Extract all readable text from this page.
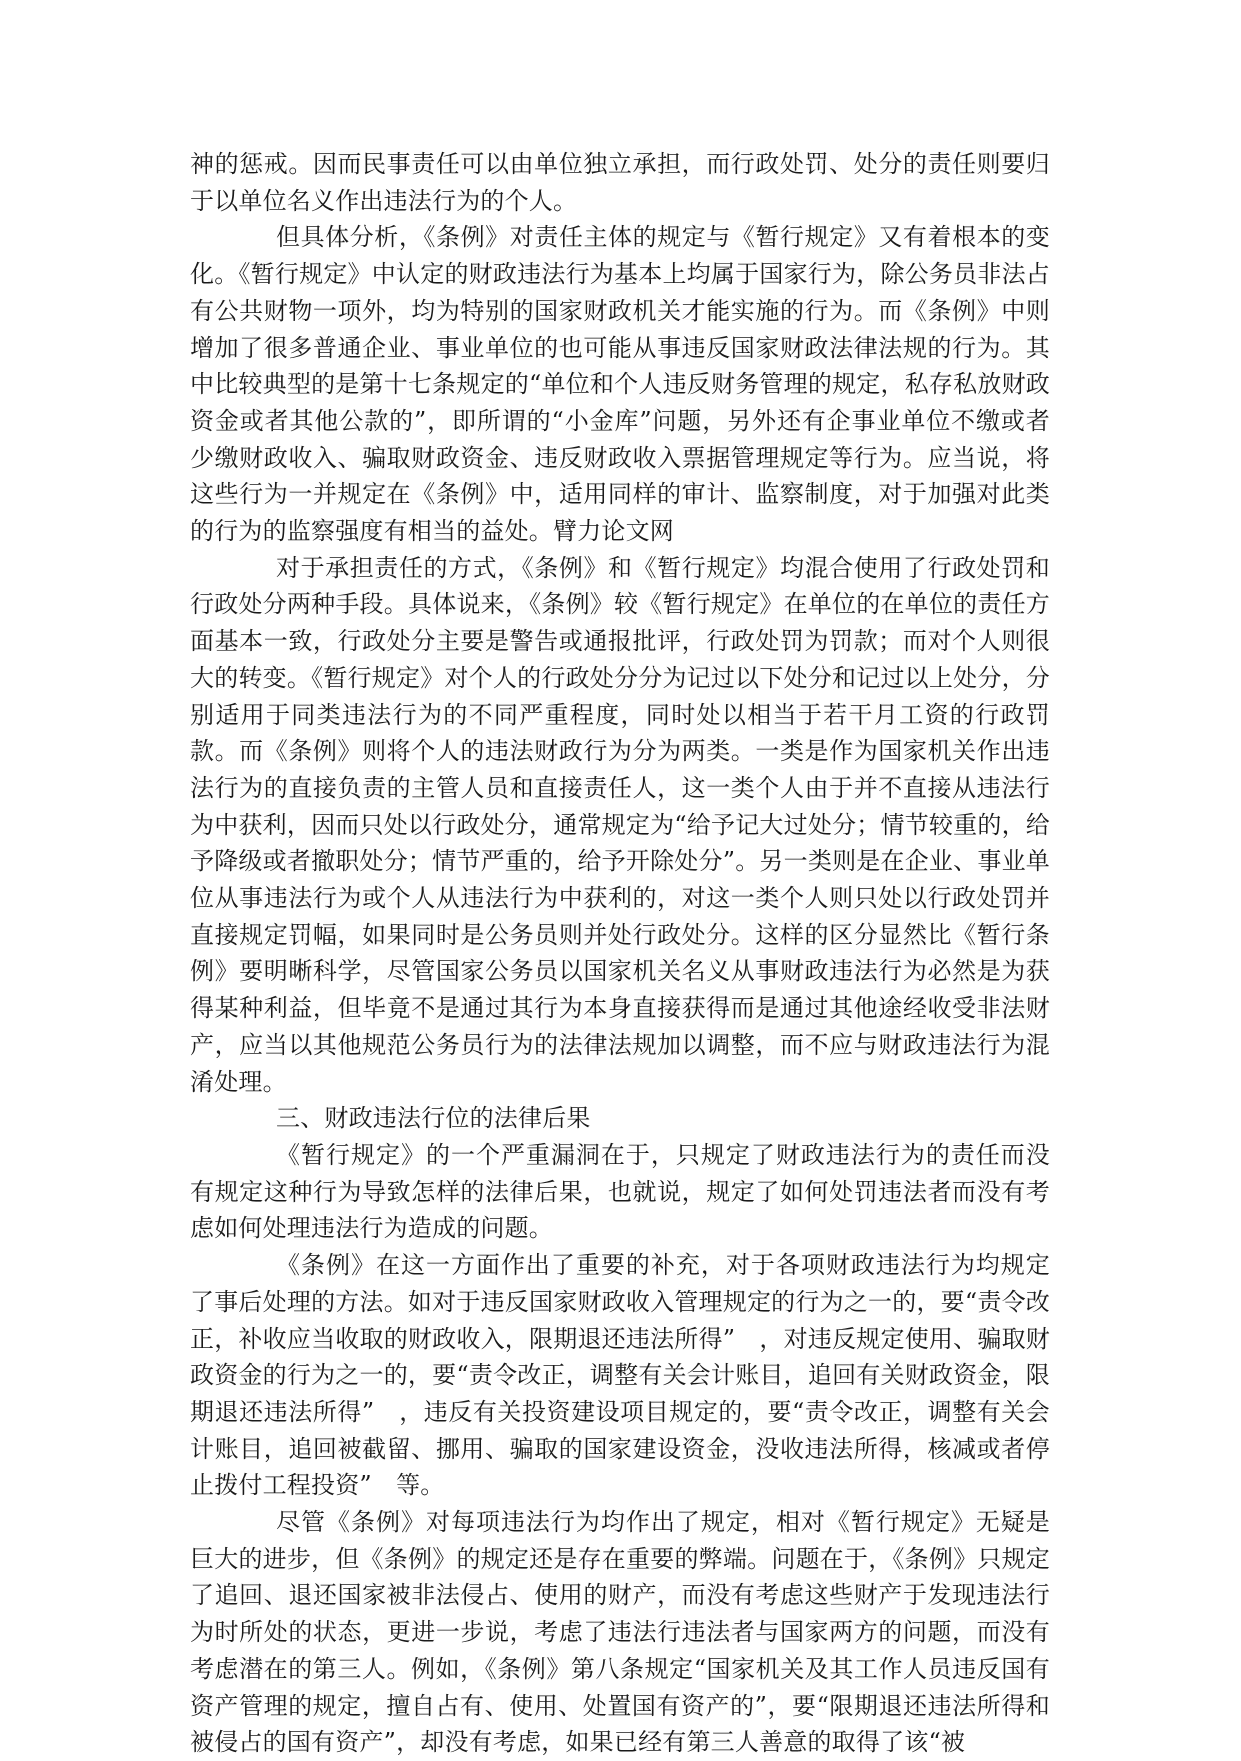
神的惩戒。因而民事责任可以由单位独立承担，而行政处罚、处分的责任则要归于以单位名义作出违法行为的个人。

但具体分析，《条例》对责任主体的规定与《暂行规定》又有着根本的变化。《暂行规定》中认定的财政违法行为基本上均属于国家行为，除公务员非法占有公共财物一项外，均为特别的国家财政机关才能实施的行为。而《条例》中则增加了很多普通企业、事业单位的也可能从事违反国家财政法律法规的行为。其中比较典型的是第十七条规定的“单位和个人违反财务管理的规定，私存私放财政资金或者其他公款的”，即所谓的“小金库”问题，另外还有企事业单位不缴或者少缴财政收入、骗取财政资金、违反财政收入票据管理规定等行为。应当说，将这些行为一并规定在《条例》中，适用同样的审计、监察制度，对于加强对此类的行为的监察强度有相当的益处。臂力论文网

对于承担责任的方式，《条例》和《暂行规定》均混合使用了行政处罚和行政处分两种手段。具体说来，《条例》较《暂行规定》在单位的在单位的责任方面基本一致，行政处分主要是警告或通报批评，行政处罚为罚款；而对个人则很大的转变。《暂行规定》对个人的行政处分分为记过以下处分和记过以上处分，分别适用于同类违法行为的不同严重程度，同时处以相当于若干月工资的行政罚款。而《条例》则将个人的违法财政行为分为两类。一类是作为国家机关作出违法行为的直接负责的主管人员和直接责任人，这一类个人由于并不直接从违法行为中获利，因而只处以行政处分，通常规定为“给予记大过处分；情节较重的，给予降级或者撤职处分；情节严重的，给予开除处分”。另一类则是在企业、事业单位从事违法行为或个人从违法行为中获利的，对这一类个人则只处以行政处罚并直接规定罚幅，如果同时是公务员则并处行政处分。这样的区分显然比《暂行条例》要明晰科学，尽管国家公务员以国家机关名义从事财政违法行为必然是为获得某种利益，但毕竟不是通过其行为本身直接获得而是通过其他途经收受非法财产，应当以其他规范公务员行为的法律法规加以调整，而不应与财政违法行为混淆处理。

三、财政违法行位的法律后果

《暂行规定》的一个严重漏洞在于，只规定了财政违法行为的责任而没有规定这种行为导致怎样的法律后果，也就说，规定了如何处罚违法者而没有考虑如何处理违法行为造成的问题。

《条例》在这一方面作出了重要的补充，对于各项财政违法行为均规定了事后处理的方法。如对于违反国家财政收入管理规定的行为之一的，要“责令改正，补收应当收取的财政收入，限期退还违法所得”　，对违反规定使用、骗取财政资金的行为之一的，要“责令改正，调整有关会计账目，追回有关财政资金，限期退还违法所得”　，违反有关投资建设项目规定的，要“责令改正，调整有关会计账目，追回被截留、挪用、骗取的国家建设资金，没收违法所得，核减或者停止拨付工程投资”　等。

尽管《条例》对每项违法行为均作出了规定，相对《暂行规定》无疑是巨大的进步，但《条例》的规定还是存在重要的弊端。问题在于，《条例》只规定了追回、退还国家被非法侵占、使用的财产，而没有考虑这些财产于发现违法行为时所处的状态，更进一步说，考虑了违法行违法者与国家两方的问题，而没有考虑潜在的第三人。例如，《条例》第八条规定“国家机关及其工作人员违反国有资产管理的规定，擅自占有、使用、处置国有资产的”，要“限期退还违法所得和被侵占的国有资产”，却没有考虑，如果已经有第三人善意的取得了该“被
